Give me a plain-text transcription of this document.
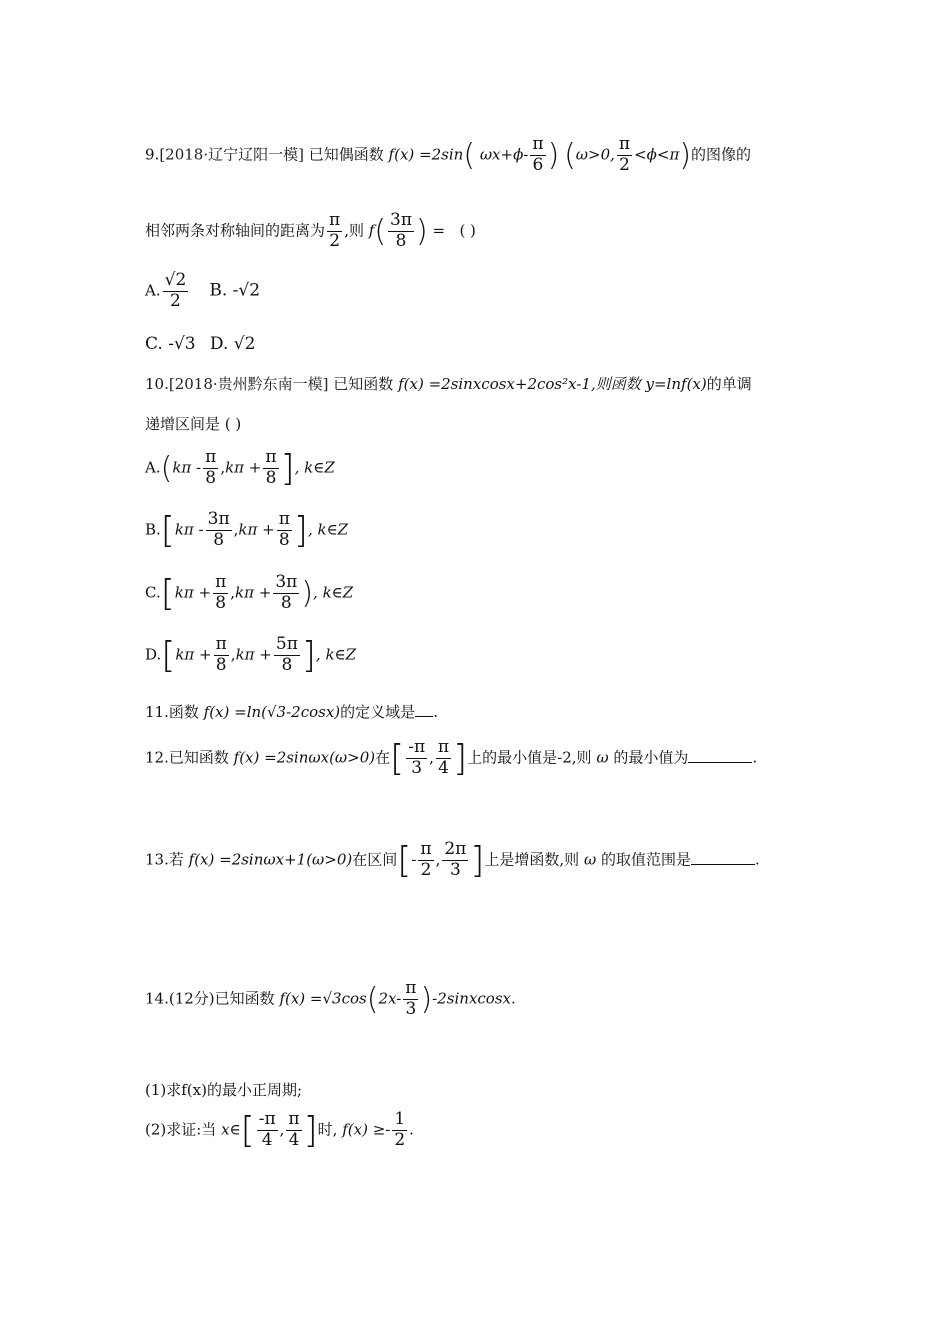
9.[2018·辽宁辽阳一模] 已知偶函数 f(x) =2sin( $\omega x+\phi- \frac{\pi}{6}$ ) (ω>0, $\frac{\pi}{2} <\phi<\pi$)的图像的
相邻两条对称轴间的距离为 $\frac{\pi}{2}$ ,则 $f( \frac{3\pi}{8}$ ) = ( )
A. $\frac{√2}{2} B$. -√2
C. -√3 D. √2
10.[2018·贵州黔东南一模] 已知函数 f(x) =2sinxcosx+2cos²x-1,则函数 y=lnf(x)的单调
递增区间是 ( )
$A.(k\pi - \frac{\pi}{8} ,k\pi + \frac{\pi}{8}$ ], k∈Z
$B.[k\pi - \frac{3\pi}{8} ,k\pi + \frac{\pi}{8}$ ], k∈Z
$C.[k\pi + \frac{\pi}{8} ,k\pi + \frac{3\pi}{8}$ ), k∈Z
$D.[k\pi + \frac{\pi}{8} ,k\pi + \frac{5\pi}{8}$ ], k∈Z
11.函数 f(x) =ln(√3-2cosx)的定义域是 .
12.已知函数 f(x) =2sinωx(ω>0)在[ $\frac{-\pi}{3}$ , $\frac{\pi}{4}$ ]上的最小值是-2,则 ω 的最小值为	.
13.若 f(x) =2sinωx+1(ω>0)在区间[- $\frac{\pi}{2}$ , $\frac{2\pi}{3}$ ]上是增函数,则 ω 的取值范围是	.
14.(12分)已知函数 $f(x) =√3\cos(2x- \frac{\pi}{3}$ )-2sinxcosx.
(1)求f(x)的最小正周期;
(2)求证:当 x∈[ $\frac{-\pi}{4}$ , $\frac{\pi}{4}$ ]时, $f(x) \ge- \frac{1}{2}$ .
